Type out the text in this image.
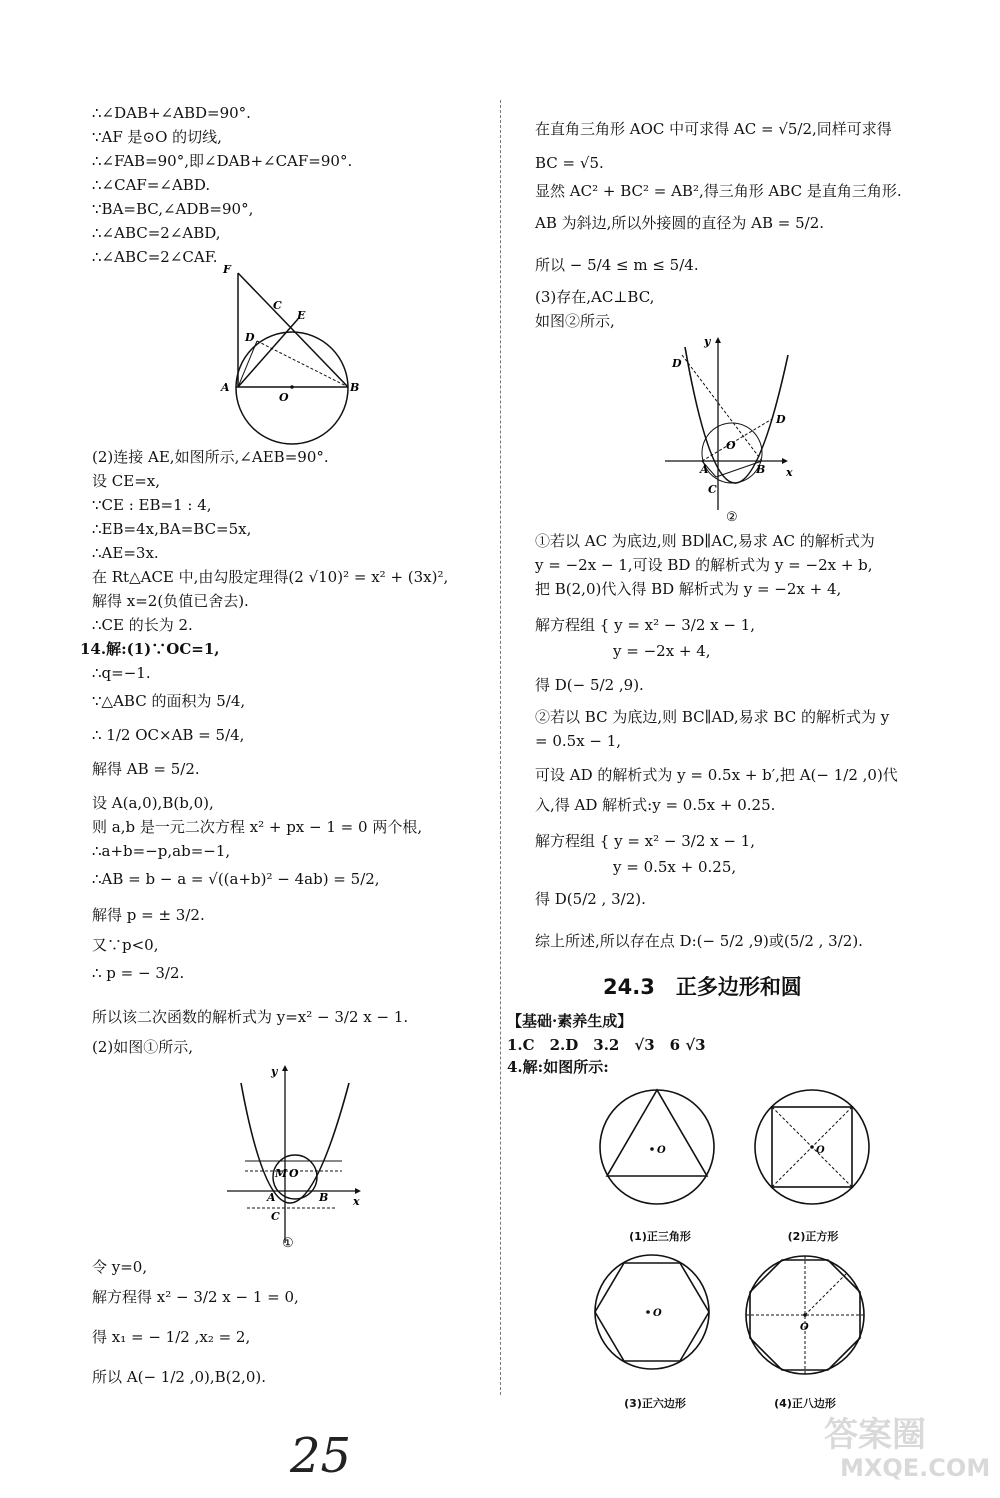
∴∠DAB+∠ABD=90°.
∵AF 是⊙O 的切线,
∴∠FAB=90°,即∠DAB+∠CAF=90°.
∴∠CAF=∠ABD.
∵BA=BC,∠ADB=90°,
∴∠ABC=2∠ABD,
∴∠ABC=2∠CAF.
F
C
E
D
A
O
B
(2)连接 AE,如图所示,∠AEB=90°.
设 CE=x,
∵CE : EB=1 : 4,
∴EB=4x,BA=BC=5x,
∴AE=3x.
在 Rt△ACE 中,由勾股定理得(2 √10)² = x² + (3x)²,
解得 x=2(负值已舍去).
∴CE 的长为 2.
14.解:(1)∵OC=1,
∴q=−1.
∵△ABC 的面积为 5/4,
∴ 1/2 OC×AB = 5/4,
解得 AB = 5/2.
设 A(a,0),B(b,0),
则 a,b 是一元二次方程 x² + px − 1 = 0 两个根,
∴a+b=−p,ab=−1,
∴AB = b − a = √((a+b)² − 4ab) = 5/2,
解得 p = ± 3/2.
又∵p<0,
∴ p = − 3/2.
所以该二次函数的解析式为 y=x² − 3/2 x − 1.
(2)如图①所示,
y
x
M O
A	B
C
①
令 y=0,
解方程得 x² − 3/2 x − 1 = 0,
得 x₁ = − 1/2 ,x₂ = 2,
所以 A(− 1/2 ,0),B(2,0).
在直角三角形 AOC 中可求得 AC = √5/2,同样可求得
BC = √5.
显然 AC² + BC² = AB²,得三角形 ABC 是直角三角形.
AB 为斜边,所以外接圆的直径为 AB = 5/2.
所以 − 5/4 ≤ m ≤ 5/4.
(3)存在,AC⊥BC,
如图②所示,
y
D
D
O
A	B
C
x
②
①若以 AC 为底边,则 BD∥AC,易求 AC 的解析式为
y = −2x − 1,可设 BD 的解析式为 y = −2x + b,
把 B(2,0)代入得 BD 解析式为 y = −2x + 4,
解方程组 { y = x² − 3/2 x − 1,
y = −2x + 4,
得 D(− 5/2 ,9).
②若以 BC 为底边,则 BC∥AD,易求 BC 的解析式为 y
= 0.5x − 1,
可设 AD 的解析式为 y = 0.5x + b′,把 A(− 1/2 ,0)代
入,得 AD 解析式:y = 0.5x + 0.25.
解方程组 { y = x² − 3/2 x − 1,
y = 0.5x + 0.25,
得 D(5/2 , 3/2).
综上所述,所以存在点 D:(− 5/2 ,9)或(5/2 , 3/2).
24.3　正多边形和圆
【基础·素养生成】
1.C　2.D　3.2　√3　6 √3
4.解:如图所示:
O
(1)正三角形
O
(2)正方形
O
(3)正六边形
O
(4)正八边形
25	答案圈
MXQE.COM
